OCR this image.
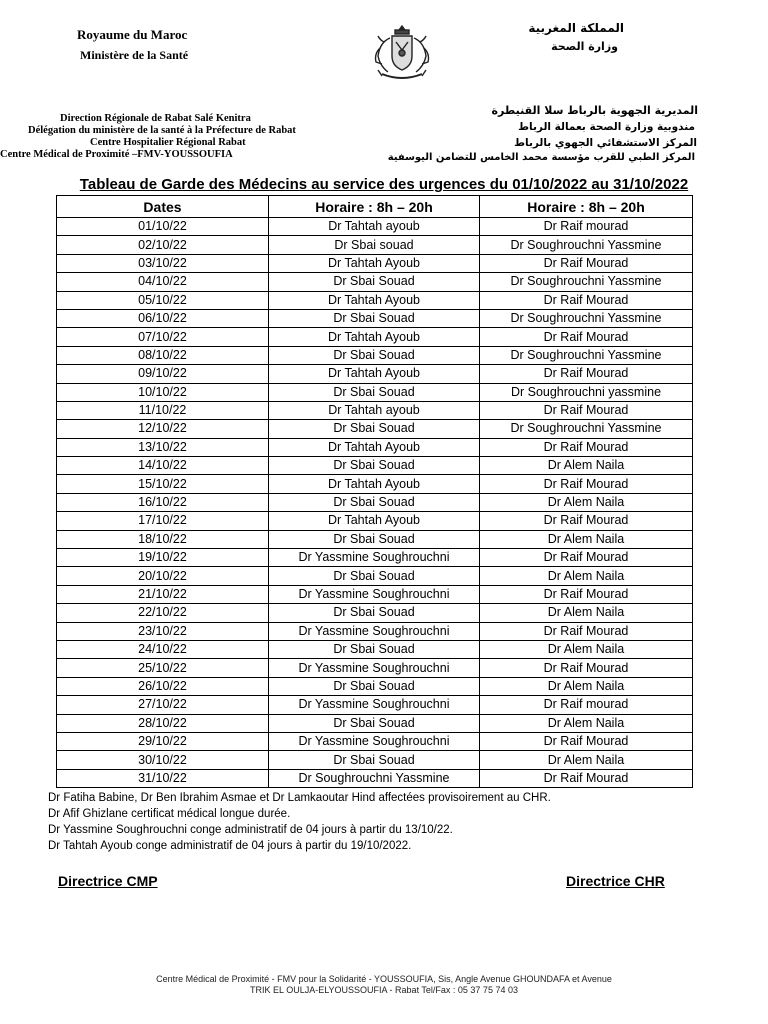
Royaume du Maroc
Ministère de la Santé
Direction Régionale de Rabat Salé Kenitra
Délégation du ministère de la santé à la Préfecture de Rabat
Centre Hospitalier Régional Rabat
Centre Médical de Proximité –FMV-YOUSSOUFIA
المملكة المغربية
وزارة الصحة
المديرية الجهوية بالرباط سلا القنيطرة
مندوبية وزارة الصحة بعمالة الرباط
المركز الاستشفائي الجهوي بالرباط
المركز الطبي للقرب مؤسسة محمد الخامس للتضامن اليوسفية
Tableau de Garde des Médecins au service des urgences du 01/10/2022 au 31/10/2022
Dates	Horaire : 8h – 20h	Horaire : 8h – 20h
01/10/22	Dr Tahtah ayoub	Dr Raif mourad
02/10/22	Dr Sbai souad	Dr Soughrouchni Yassmine
03/10/22	Dr Tahtah Ayoub	Dr Raif Mourad
04/10/22	Dr Sbai Souad	Dr Soughrouchni Yassmine
05/10/22	Dr Tahtah Ayoub	Dr Raif Mourad
06/10/22	Dr Sbai Souad	Dr Soughrouchni Yassmine
07/10/22	Dr Tahtah Ayoub	Dr Raif Mourad
08/10/22	Dr Sbai Souad	Dr Soughrouchni Yassmine
09/10/22	Dr Tahtah Ayoub	Dr Raif Mourad
10/10/22	Dr Sbai Souad	Dr Soughrouchni yassmine
11/10/22	Dr Tahtah ayoub	Dr Raif Mourad
12/10/22	Dr Sbai Souad	Dr Soughrouchni Yassmine
13/10/22	Dr Tahtah Ayoub	Dr Raif Mourad
14/10/22	Dr Sbai Souad	Dr Alem Naila
15/10/22	Dr Tahtah Ayoub	Dr Raif Mourad
16/10/22	Dr Sbai Souad	Dr Alem Naila
17/10/22	Dr Tahtah Ayoub	Dr Raif Mourad
18/10/22	Dr Sbai Souad	Dr Alem Naila
19/10/22	Dr Yassmine Soughrouchni	Dr Raif Mourad
20/10/22	Dr Sbai Souad	Dr Alem Naila
21/10/22	Dr Yassmine Soughrouchni	Dr Raif Mourad
22/10/22	Dr Sbai Souad	Dr Alem Naila
23/10/22	Dr Yassmine Soughrouchni	Dr Raif Mourad
24/10/22	Dr Sbai Souad	Dr Alem Naila
25/10/22	Dr Yassmine Soughrouchni	Dr Raif Mourad
26/10/22	Dr Sbai Souad	Dr Alem Naila
27/10/22	Dr Yassmine Soughrouchni	Dr Raif mourad
28/10/22	Dr Sbai Souad	Dr Alem Naila
29/10/22	Dr Yassmine Soughrouchni	Dr Raif Mourad
30/10/22	Dr Sbai Souad	Dr Alem Naila
31/10/22	Dr Soughrouchni Yassmine	Dr Raif Mourad
Dr Fatiha Babine, Dr Ben Ibrahim Asmae et Dr Lamkaoutar Hind affectées provisoirement au CHR.
Dr Afif Ghizlane certificat médical longue durée.
Dr Yassmine Soughrouchni conge administratif de 04 jours à partir du 13/10/22.
Dr Tahtah Ayoub conge administratif de 04 jours à partir du 19/10/2022.
Directrice CMP	Directrice CHR
Centre Médical de Proximité - FMV pour la Solidarité - YOUSSOUFIA, Sis, Angle Avenue GHOUNDAFA et Avenue
TRIK EL OULJA-ELYOUSSOUFIA - Rabat Tel/Fax : 05 37 75 74 03
